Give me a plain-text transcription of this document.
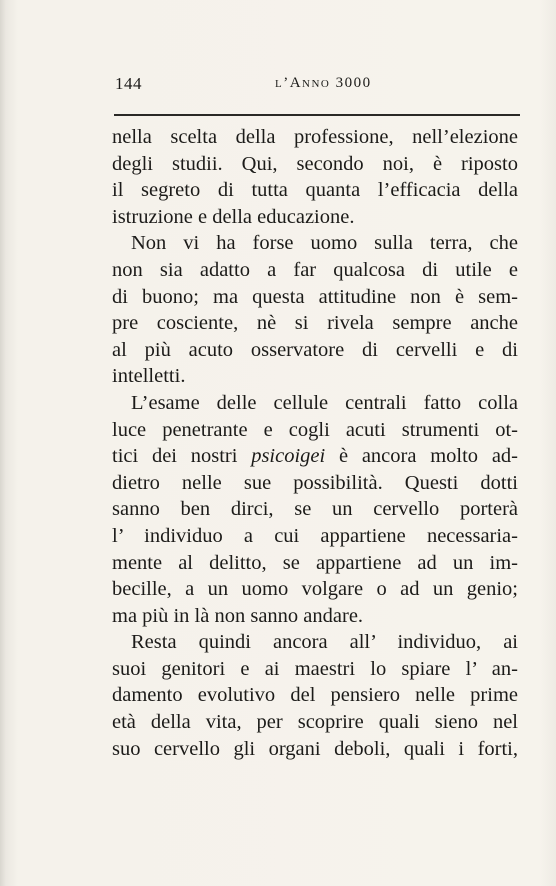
144	l’Anno 3000
nella scelta della professione, nell’elezione
degli studii. Qui, secondo noi, è riposto
il segreto di tutta quanta l’efficacia della
istruzione e della educazione.
Non vi ha forse uomo sulla terra, che
non sia adatto a far qualcosa di utile e
di buono; ma questa attitudine non è sem-
pre cosciente, nè si rivela sempre anche
al più acuto osservatore di cervelli e di
intelletti.
L’esame delle cellule centrali fatto colla
luce penetrante e cogli acuti strumenti ot-
tici dei nostri psicoigei è ancora molto ad-
dietro nelle sue possibilità. Questi dotti
sanno ben dirci, se un cervello porterà
l’ individuo a cui appartiene necessaria-
mente al delitto, se appartiene ad un im-
becille, a un uomo volgare o ad un genio;
ma più in là non sanno andare.
Resta quindi ancora all’ individuo, ai
suoi genitori e ai maestri lo spiare l’ an-
damento evolutivo del pensiero nelle prime
età della vita, per scoprire quali sieno nel
suo cervello gli organi deboli, quali i forti,
